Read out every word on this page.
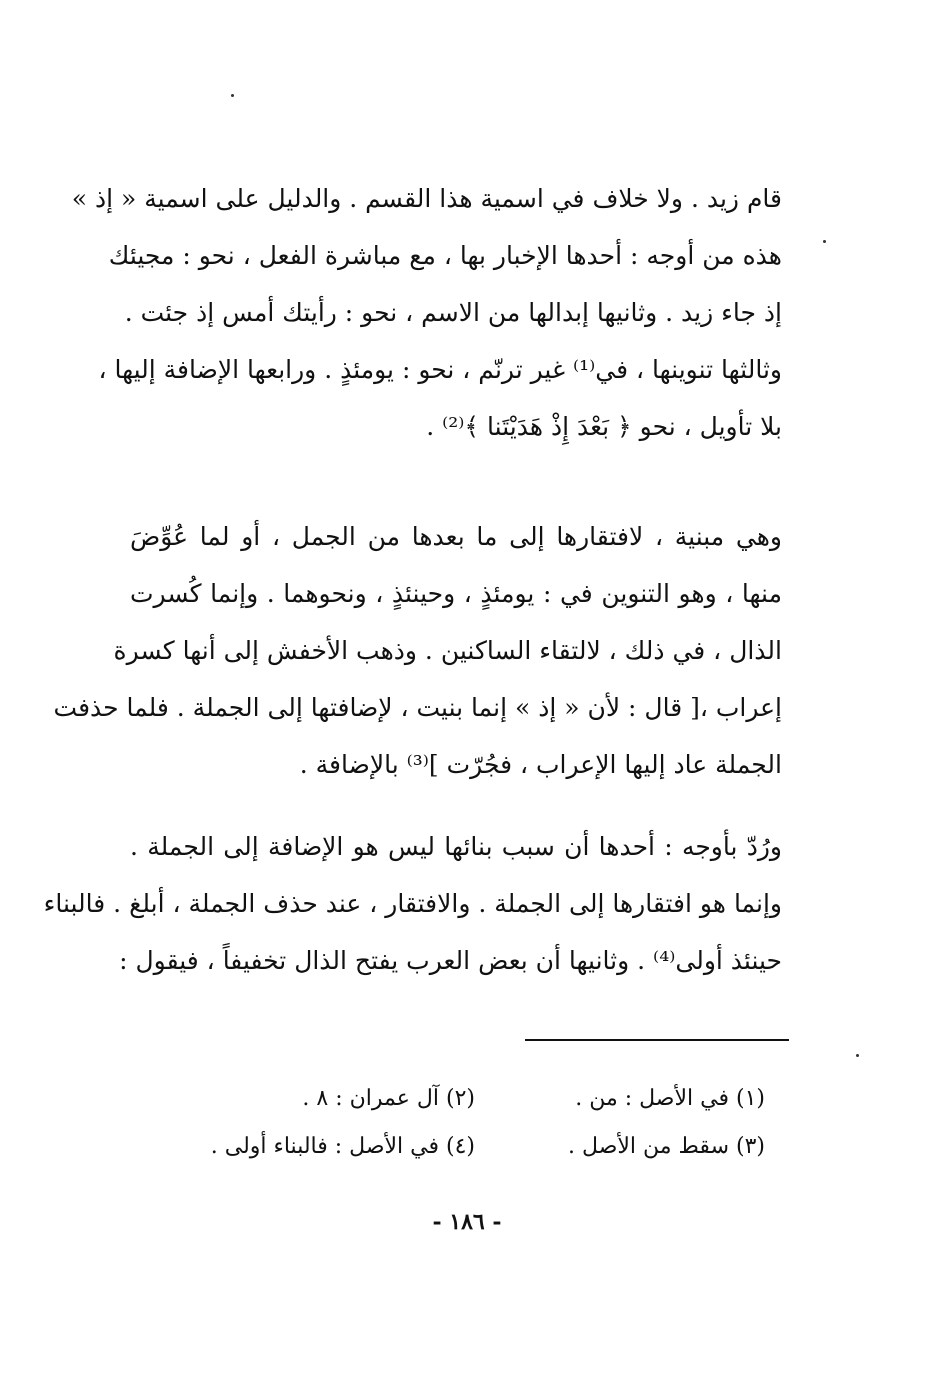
قام زيد . ولا خلاف في اسمية هذا القسم . والدليل على اسمية « إذ »
هذه من أوجه : أحدها الإخبار بها ، مع مباشرة الفعل ، نحو : مجيئك
إذ جاء زيد . وثانيها إبدالها من الاسم ، نحو : رأيتك أمس إذ جئت .
وثالثها تنوينها ، في⁽¹⁾ غير ترنّم ، نحو : يومئذٍ . ورابعها الإضافة إليها ،
بلا تأويل ، نحو ﴿ بَعْدَ إِذْ هَدَيْتَنا ﴾⁽²⁾ .
وهي مبنية ، لافتقارها إلى ما بعدها من الجمل ، أو لما عُوِّضَ
منها ، وهو التنوين في : يومئذٍ ، وحينئذٍ ، ونحوهما . وإنما كُسرت
الذال ، في ذلك ، لالتقاء الساكنين . وذهب الأخفش إلى أنها كسرة
إعراب ،[ قال : لأن « إذ » إنما بنيت ، لإضافتها إلى الجملة . فلما حذفت
الجملة عاد إليها الإعراب ، فجُرّت ]⁽³⁾ بالإضافة .
ورُدّ بأوجه : أحدها أن سبب بنائها ليس هو الإضافة إلى الجملة .
وإنما هو افتقارها إلى الجملة . والافتقار ، عند حذف الجملة ، أبلغ . فالبناء
حينئذ أولى⁽⁴⁾ . وثانيها أن بعض العرب يفتح الذال تخفيفاً ، فيقول :
(١) في الأصل : من .
(٢) آل عمران : ٨ .
(٣) سقط من الأصل .
(٤) في الأصل : فالبناء أولى .
- ١٨٦ -
